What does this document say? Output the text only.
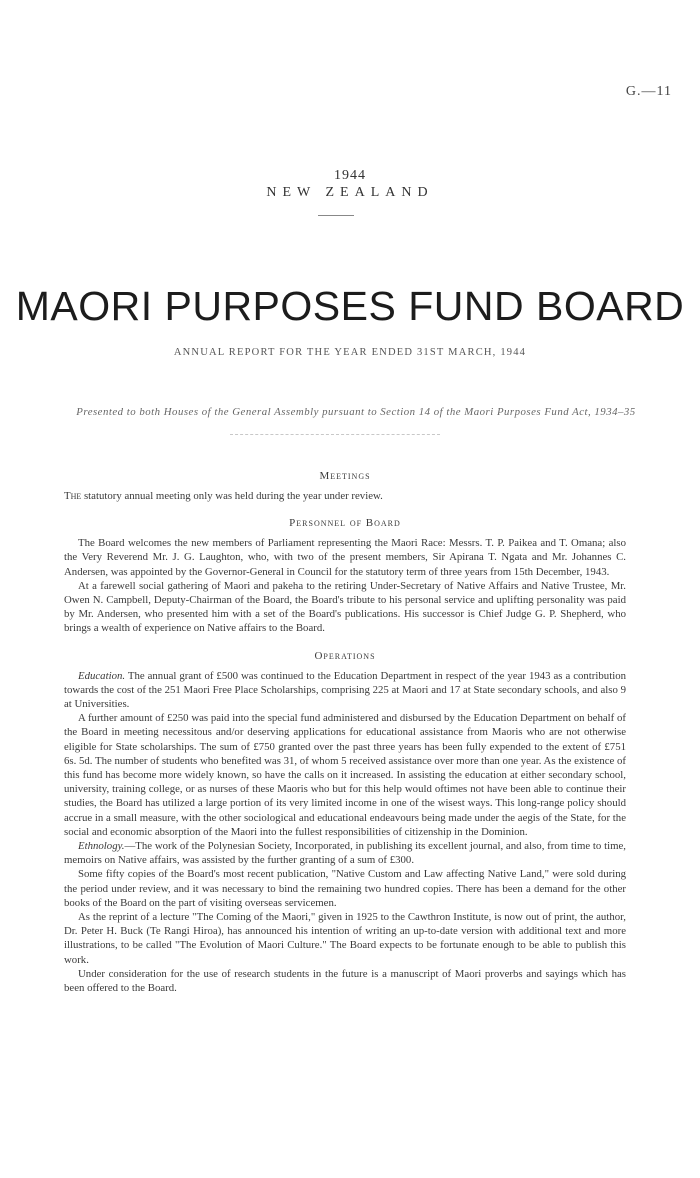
G.—11
1944
NEW ZEALAND
MAORI PURPOSES FUND BOARD
ANNUAL REPORT FOR THE YEAR ENDED 31ST MARCH, 1944
Presented to both Houses of the General Assembly pursuant to Section 14 of the Maori Purposes Fund Act, 1934–35
Meetings

The statutory annual meeting only was held during the year under review.

Personnel of Board

The Board welcomes the new members of Parliament representing the Maori Race: Messrs. T. P. Paikea and T. Omana; also the Very Reverend Mr. J. G. Laughton, who, with two of the present members, Sir Apirana T. Ngata and Mr. Johannes C. Andersen, was appointed by the Governor-General in Council for the statutory term of three years from 15th December, 1943.

At a farewell social gathering of Maori and pakeha to the retiring Under-Secretary of Native Affairs and Native Trustee, Mr. Owen N. Campbell, Deputy-Chairman of the Board, the Board's tribute to his personal service and uplifting personality was paid by Mr. Andersen, who presented him with a set of the Board's publications. His successor is Chief Judge G. P. Shepherd, who brings a wealth of experience on Native affairs to the Board.

Operations

Education. The annual grant of £500 was continued to the Education Department in respect of the year 1943 as a contribution towards the cost of the 251 Maori Free Place Scholarships, comprising 225 at Maori and 17 at State secondary schools, and also 9 at Universities.

A further amount of £250 was paid into the special fund administered and disbursed by the Education Department on behalf of the Board in meeting necessitous and/or deserving applications for educational assistance from Maoris who are not otherwise eligible for State scholarships. The sum of £750 granted over the past three years has been fully expended to the extent of £751 6s. 5d. The number of students who benefited was 31, of whom 5 received assistance over more than one year. As the existence of this fund has become more widely known, so have the calls on it increased. In assisting the education at either secondary school, university, training college, or as nurses of these Maoris who but for this help would oftimes not have been able to continue their studies, the Board has utilized a large portion of its very limited income in one of the wisest ways. This long-range policy should accrue in a small measure, with the other sociological and educational endeavours being made under the aegis of the State, for the social and economic absorption of the Maori into the fullest responsibilities of citizenship in the Dominion.

Ethnology.—The work of the Polynesian Society, Incorporated, in publishing its excellent journal, and also, from time to time, memoirs on Native affairs, was assisted by the further granting of a sum of £300.

Some fifty copies of the Board's most recent publication, "Native Custom and Law affecting Native Land," were sold during the period under review, and it was necessary to bind the remaining two hundred copies. There has been a demand for the other books of the Board on the part of visiting overseas servicemen.

As the reprint of a lecture "The Coming of the Maori," given in 1925 to the Cawthron Institute, is now out of print, the author, Dr. Peter H. Buck (Te Rangi Hiroa), has announced his intention of writing an up-to-date version with additional text and more illustrations, to be called "The Evolution of Maori Culture." The Board expects to be fortunate enough to be able to publish this work.

Under consideration for the use of research students in the future is a manuscript of Maori proverbs and sayings which has been offered to the Board.
